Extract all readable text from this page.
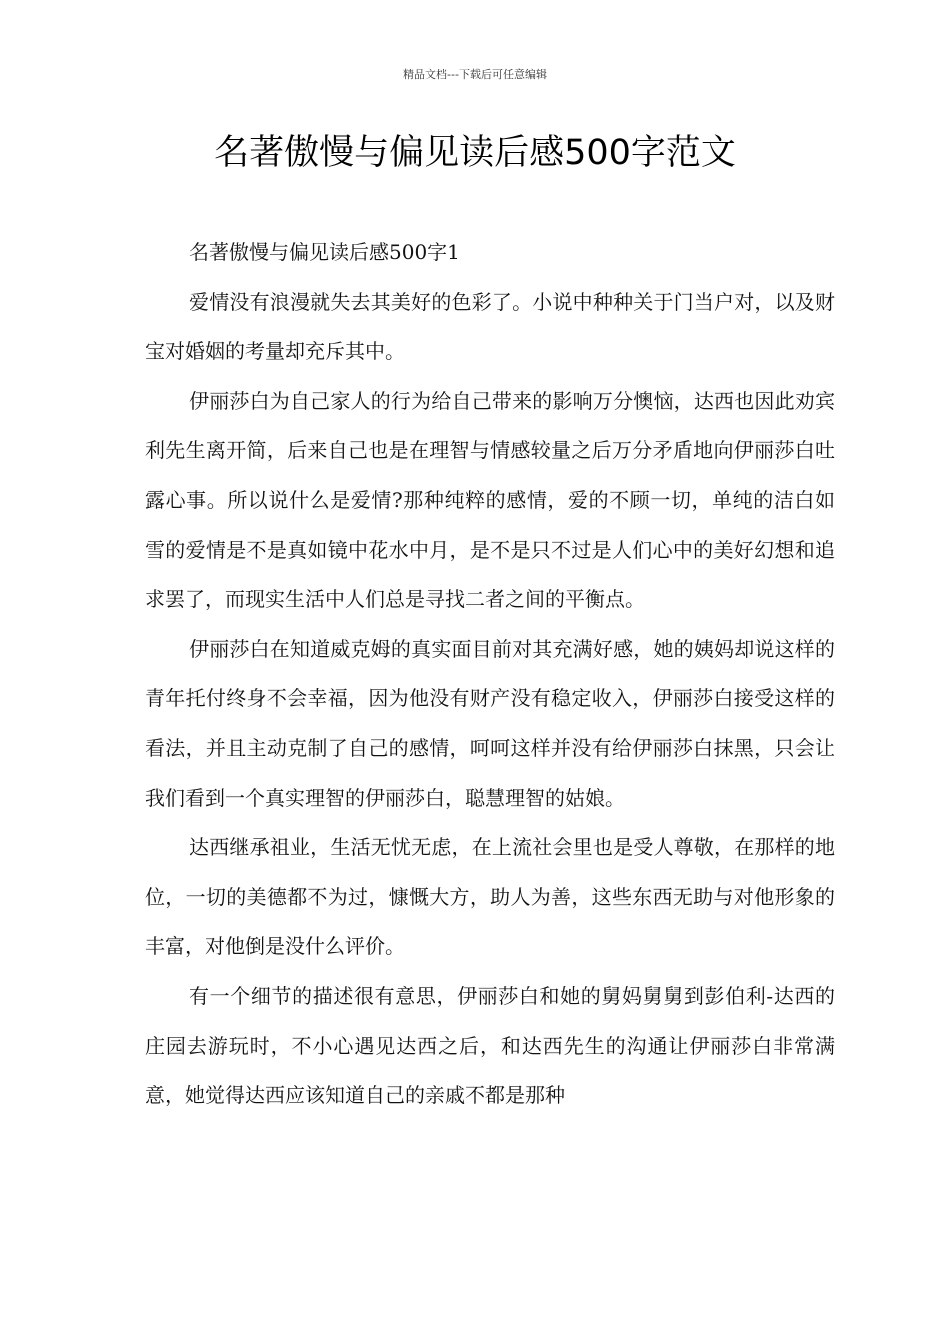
精品文档---下载后可任意编辑
名著傲慢与偏见读后感500字范文

名著傲慢与偏见读后感500字1

爱情没有浪漫就失去其美好的色彩了。小说中种种关于门当户对，以及财宝对婚姻的考量却充斥其中。

伊丽莎白为自己家人的行为给自己带来的影响万分懊恼，达西也因此劝宾利先生离开简，后来自己也是在理智与情感较量之后万分矛盾地向伊丽莎白吐露心事。所以说什么是爱情?那种纯粹的感情，爱的不顾一切，单纯的洁白如雪的爱情是不是真如镜中花水中月，是不是只不过是人们心中的美好幻想和追求罢了，而现实生活中人们总是寻找二者之间的平衡点。

伊丽莎白在知道威克姆的真实面目前对其充满好感，她的姨妈却说这样的青年托付终身不会幸福，因为他没有财产没有稳定收入，伊丽莎白接受这样的看法，并且主动克制了自己的感情，呵呵这样并没有给伊丽莎白抹黑，只会让我们看到一个真实理智的伊丽莎白，聪慧理智的姑娘。

达西继承祖业，生活无忧无虑，在上流社会里也是受人尊敬，在那样的地位，一切的美德都不为过，慷慨大方，助人为善，这些东西无助与对他形象的丰富，对他倒是没什么评价。

有一个细节的描述很有意思，伊丽莎白和她的舅妈舅舅到彭伯利-达西的庄园去游玩时，不小心遇见达西之后，和达西先生的沟通让伊丽莎白非常满意，她觉得达西应该知道自己的亲戚不都是那种
